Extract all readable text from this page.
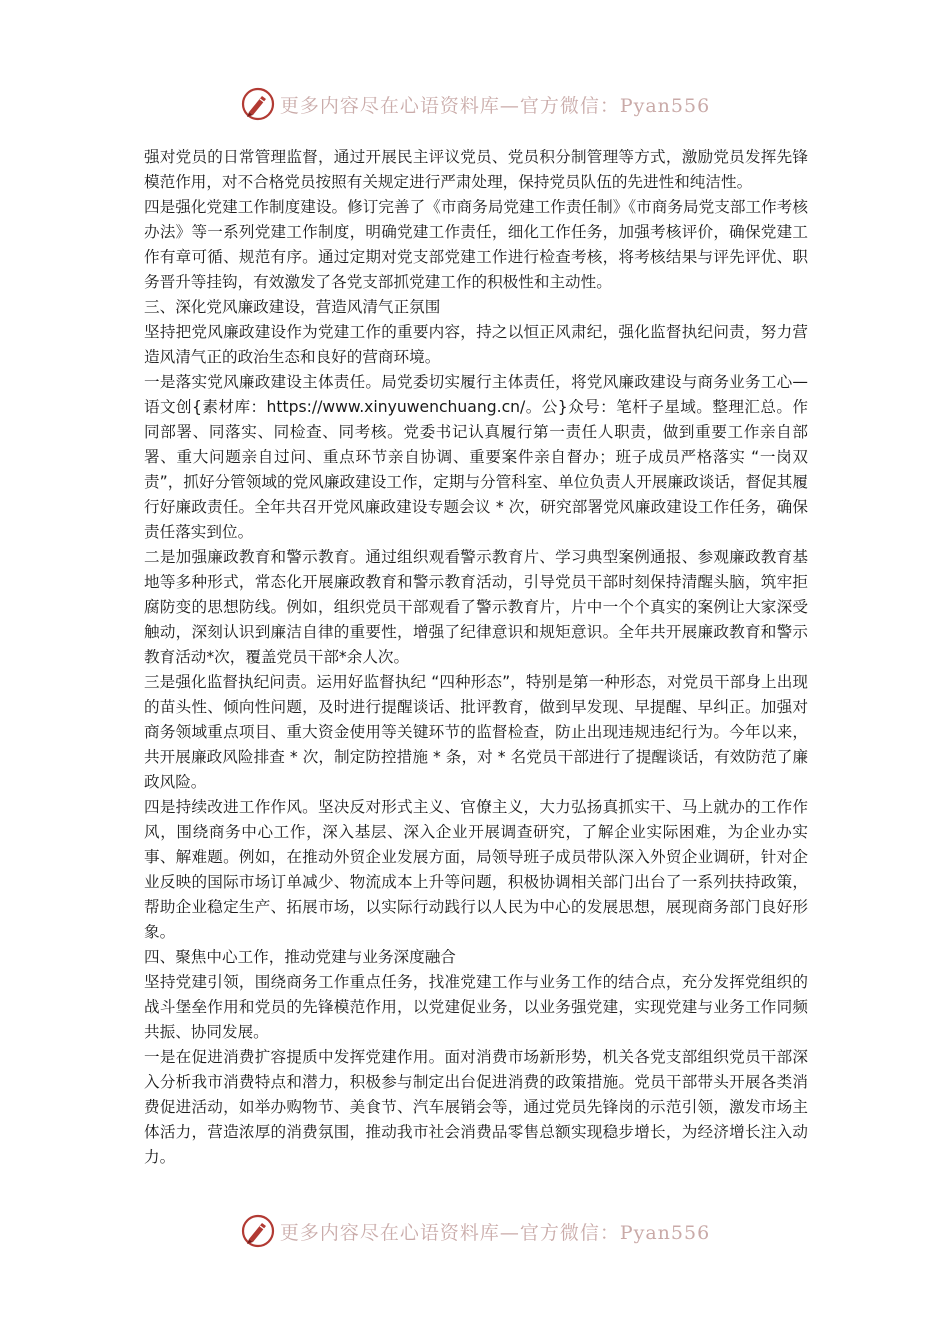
更多内容尽在心语资料库—官方微信：Pyan556

强对党员的日常管理监督，通过开展民主评议党员、党员积分制管理等方式，激励党员发挥先锋模范作用，对不合格党员按照有关规定进行严肃处理，保持党员队伍的先进性和纯洁性。

四是强化党建工作制度建设。修订完善了《市商务局党建工作责任制》《市商务局党支部工作考核办法》等一系列党建工作制度，明确党建工作责任，细化工作任务，加强考核评价，确保党建工作有章可循、规范有序。通过定期对党支部党建工作进行检查考核，将考核结果与评先评优、职务晋升等挂钩，有效激发了各党支部抓党建工作的积极性和主动性。

三、深化党风廉政建设，营造风清气正氛围

坚持把党风廉政建设作为党建工作的重要内容，持之以恒正风肃纪，强化监督执纪问责，努力营造风清气正的政治生态和良好的营商环境。

一是落实党风廉政建设主体责任。局党委切实履行主体责任，将党风廉政建设与商务业务工心—语文创{素材库：https://www.xinyuwenchuang.cn/。公}众号：笔杆子星域。整理汇总。作同部署、同落实、同检查、同考核。党委书记认真履行第一责任人职责，做到重要工作亲自部署、重大问题亲自过问、重点环节亲自协调、重要案件亲自督办；班子成员严格落实 “一岗双责”，抓好分管领域的党风廉政建设工作，定期与分管科室、单位负责人开展廉政谈话，督促其履行好廉政责任。全年共召开党风廉政建设专题会议 * 次，研究部署党风廉政建设工作任务，确保责任落实到位。

二是加强廉政教育和警示教育。通过组织观看警示教育片、学习典型案例通报、参观廉政教育基地等多种形式，常态化开展廉政教育和警示教育活动，引导党员干部时刻保持清醒头脑，筑牢拒腐防变的思想防线。例如，组织党员干部观看了警示教育片，片中一个个真实的案例让大家深受触动，深刻认识到廉洁自律的重要性，增强了纪律意识和规矩意识。全年共开展廉政教育和警示教育活动*次，覆盖党员干部*余人次。

三是强化监督执纪问责。运用好监督执纪 “四种形态”，特别是第一种形态，对党员干部身上出现的苗头性、倾向性问题，及时进行提醒谈话、批评教育，做到早发现、早提醒、早纠正。加强对商务领域重点项目、重大资金使用等关键环节的监督检查，防止出现违规违纪行为。今年以来，共开展廉政风险排查 * 次，制定防控措施 * 条，对 * 名党员干部进行了提醒谈话，有效防范了廉政风险。

四是持续改进工作作风。坚决反对形式主义、官僚主义，大力弘扬真抓实干、马上就办的工作作风，围绕商务中心工作，深入基层、深入企业开展调查研究，了解企业实际困难，为企业办实事、解难题。例如，在推动外贸企业发展方面，局领导班子成员带队深入外贸企业调研，针对企业反映的国际市场订单减少、物流成本上升等问题，积极协调相关部门出台了一系列扶持政策，帮助企业稳定生产、拓展市场，以实际行动践行以人民为中心的发展思想，展现商务部门良好形象。

四、聚焦中心工作，推动党建与业务深度融合

坚持党建引领，围绕商务工作重点任务，找准党建工作与业务工作的结合点，充分发挥党组织的战斗堡垒作用和党员的先锋模范作用，以党建促业务，以业务强党建，实现党建与业务工作同频共振、协同发展。

一是在促进消费扩容提质中发挥党建作用。面对消费市场新形势，机关各党支部组织党员干部深入分析我市消费特点和潜力，积极参与制定出台促进消费的政策措施。党员干部带头开展各类消费促进活动，如举办购物节、美食节、汽车展销会等，通过党员先锋岗的示范引领，激发市场主体活力，营造浓厚的消费氛围，推动我市社会消费品零售总额实现稳步增长，为经济增长注入动力。

更多内容尽在心语资料库—官方微信：Pyan556
